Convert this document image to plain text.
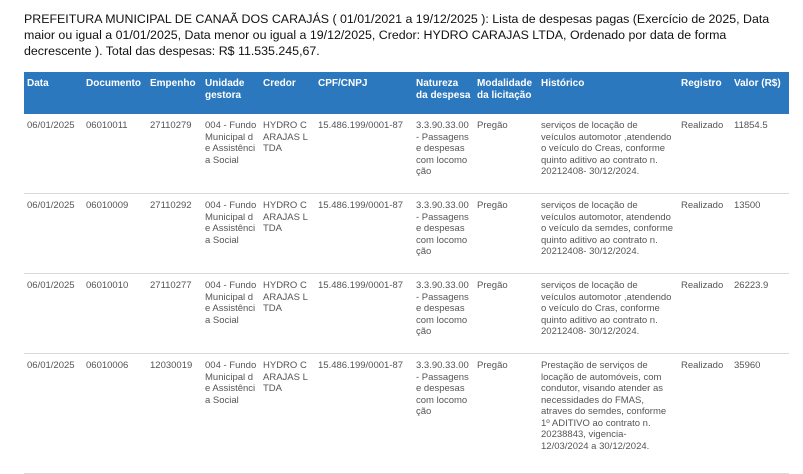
PREFEITURA MUNICIPAL DE CANAÃ DOS CARAJÁS ( 01/01/2021 a 19/12/2025 ): Lista de despesas pagas (Exercício de 2025, Data maior ou igual a 01/01/2025, Data menor ou igual a 19/12/2025, Credor: HYDRO CARAJAS LTDA, Ordenado por data de forma decrescente ). Total das despesas: R$ 11.535.245,67.
Data	Documento	Empenho	Unidade gestora	Credor	CPF/CNPJ	Natureza da despesa	Modalidade da licitação	Histórico	Registro	Valor (R$)
06/01/2025	06010011	27110279	004 - Fundo Municipal de Assistência Social	HYDRO CARAJAS LTDA	15.486.199/0001-87	3.3.90.33.00 - Passagens e despesas com locomoção	Pregão	serviços de locação de veículos automotor ,atendendo o veículo do Creas, conforme quinto aditivo ao contrato n. 20212408- 30/12/2024.	Realizado	11854.5
06/01/2025	06010009	27110292	004 - Fundo Municipal de Assistência Social	HYDRO CARAJAS LTDA	15.486.199/0001-87	3.3.90.33.00 - Passagens e despesas com locomoção	Pregão	serviços de locação de veículos automotor, atendendo o veículo da semdes, conforme quinto aditivo ao contrato n. 20212408- 30/12/2024.	Realizado	13500
06/01/2025	06010010	27110277	004 - Fundo Municipal de Assistência Social	HYDRO CARAJAS LTDA	15.486.199/0001-87	3.3.90.33.00 - Passagens e despesas com locomoção	Pregão	serviços de locação de veículos automotor ,atendendo o veículo do Cras, conforme quinto aditivo ao contrato n. 20212408- 30/12/2024.	Realizado	26223.9
06/01/2025	06010006	12030019	004 - Fundo Municipal de Assistência Social	HYDRO CARAJAS LTDA	15.486.199/0001-87	3.3.90.33.00 - Passagens e despesas com locomoção	Pregão	Prestação de serviços de locação de automóveis, com condutor, visando atender as necessidades do FMAS, atraves do semdes, conforme 1º ADITIVO ao contrato n. 20238843, vigencia- 12/03/2024 a 30/12/2024.	Realizado	35960
